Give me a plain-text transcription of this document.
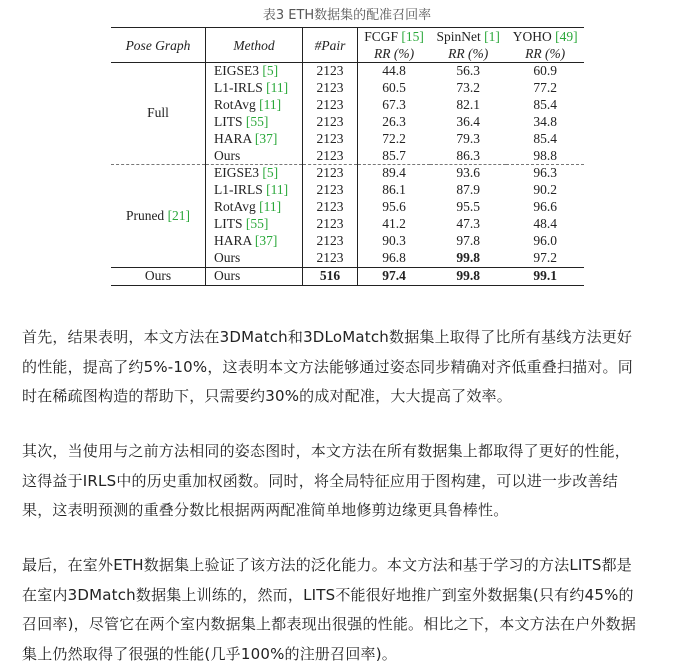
表3 ETH数据集的配准召回率
Pose Graph	Method	#Pair	FCGF [15]	SpinNet [1]	YOHO [49]
			RR (%)	RR (%)	RR (%)
Full	EIGSE3 [5]	2123	44.8	56.3	60.9
	L1-IRLS [11]	2123	60.5	73.2	77.2
	RotAvg [11]	2123	67.3	82.1	85.4
	LITS [55]	2123	26.3	36.4	34.8
	HARA [37]	2123	72.2	79.3	85.4
	Ours	2123	85.7	86.3	98.8
Pruned [21]	EIGSE3 [5]	2123	89.4	93.6	96.3
	L1-IRLS [11]	2123	86.1	87.9	90.2
	RotAvg [11]	2123	95.6	95.5	96.6
	LITS [55]	2123	41.2	47.3	48.4
	HARA [37]	2123	90.3	97.8	96.0
	Ours	2123	96.8	99.8	97.2
Ours	Ours	516	97.4	99.8	99.1
首先，结果表明，本文方法在3DMatch和3DLoMatch数据集上取得了比所有基线方法更好
的性能，提高了约5%-10%，这表明本文方法能够通过姿态同步精确对齐低重叠扫描对。同
时在稀疏图构造的帮助下，只需要约30%的成对配准，大大提高了效率。
其次，当使用与之前方法相同的姿态图时，本文方法在所有数据集上都取得了更好的性能，
这得益于IRLS中的历史重加权函数。同时，将全局特征应用于图构建，可以进一步改善结
果，这表明预测的重叠分数比根据两两配准简单地修剪边缘更具鲁棒性。
最后，在室外ETH数据集上验证了该方法的泛化能力。本文方法和基于学习的方法LITS都是
在室内3DMatch数据集上训练的，然而，LITS不能很好地推广到室外数据集(只有约45%的
召回率)，尽管它在两个室内数据集上都表现出很强的性能。相比之下，本文方法在户外数据
集上仍然取得了很强的性能(几乎100%的注册召回率)。
